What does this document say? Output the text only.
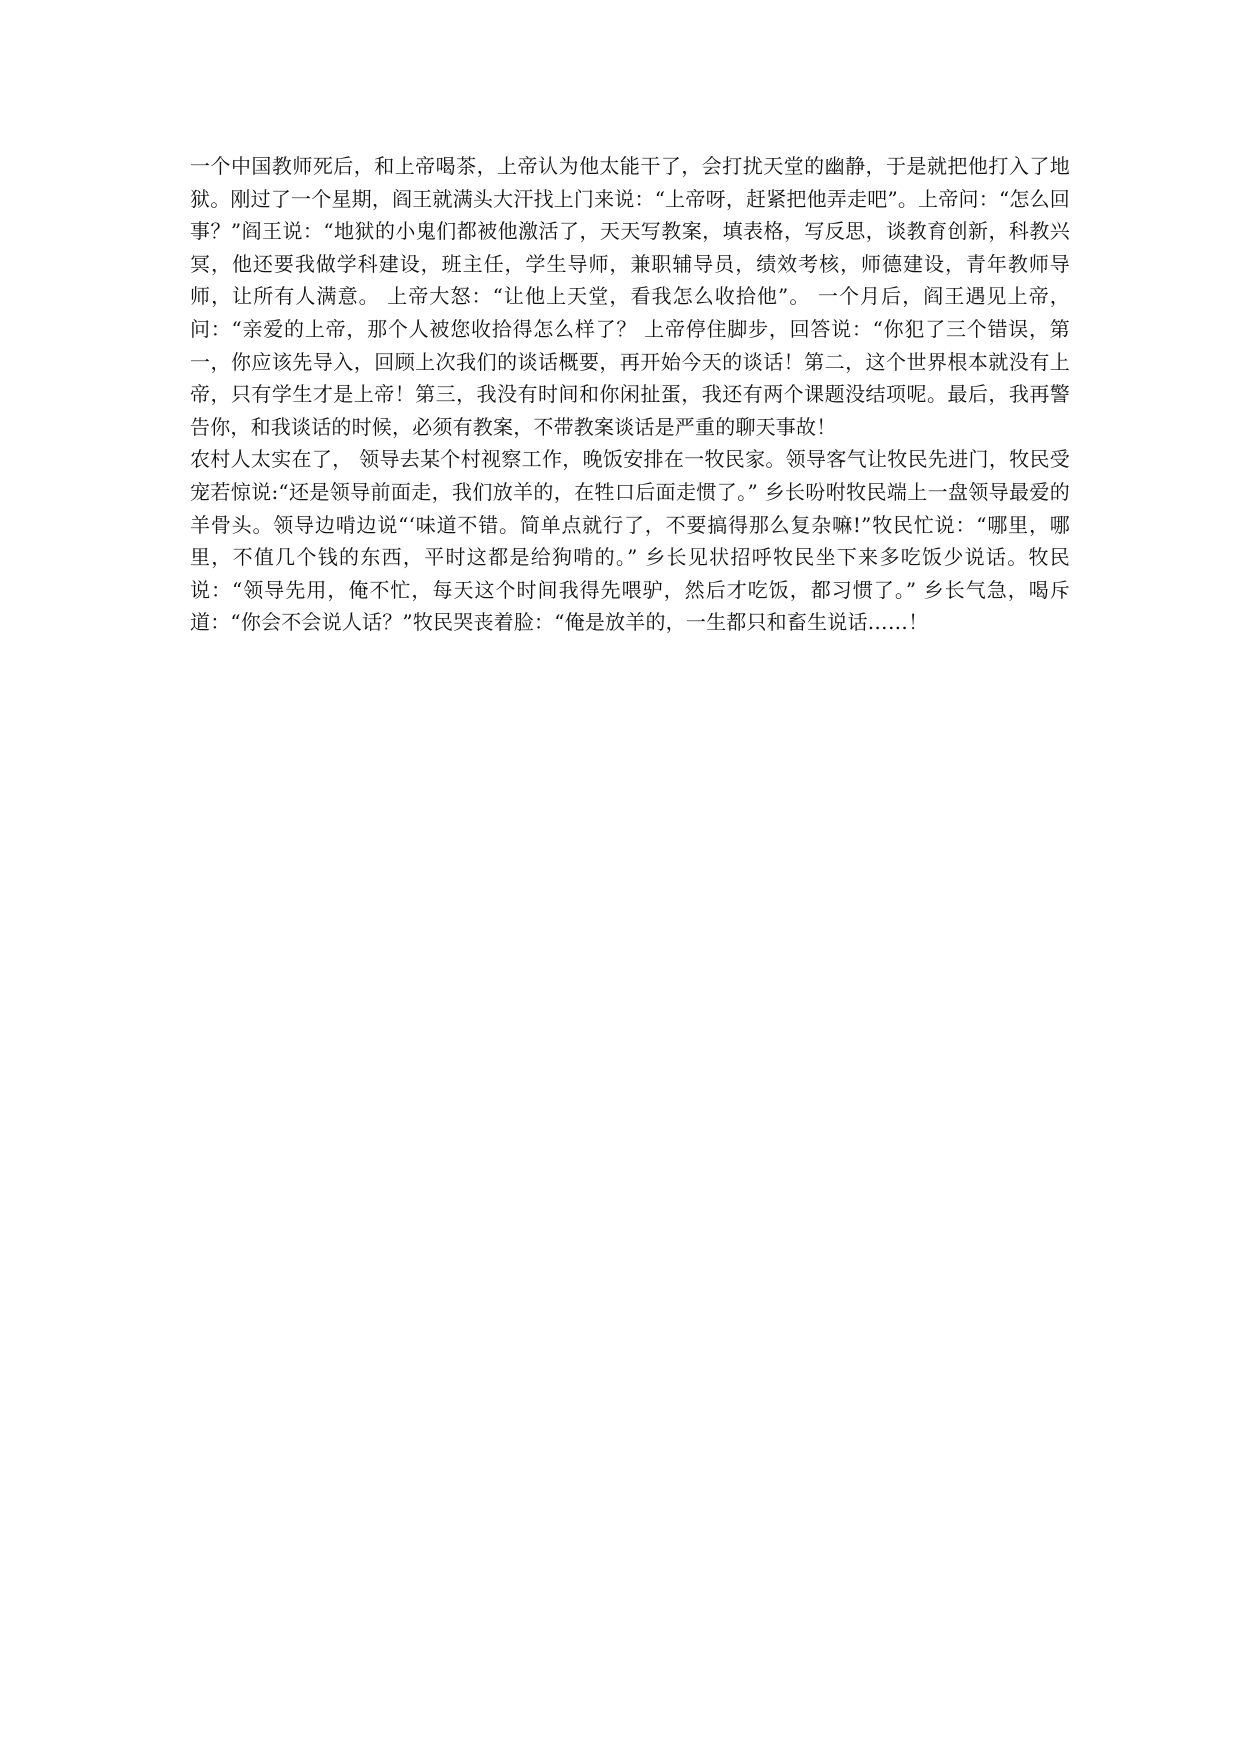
一个中国教师死后，和上帝喝茶，上帝认为他太能干了，会打扰天堂的幽静，于是就把他打入了地狱。刚过了一个星期，阎王就满头大汗找上门来说：“上帝呀，赶紧把他弄走吧”。上帝问：“怎么回事？”阎王说：“地狱的小鬼们都被他激活了，天天写教案，填表格，写反思，谈教育创新，科教兴冥，他还要我做学科建设，班主任，学生导师，兼职辅导员，绩效考核，师德建设，青年教师导师，让所有人满意。 上帝大怒：“让他上天堂，看我怎么收拾他”。 一个月后，阎王遇见上帝，问：“亲爱的上帝，那个人被您收拾得怎么样了？ 上帝停住脚步，回答说：“你犯了三个错误，第一，你应该先导入，回顾上次我们的谈话概要，再开始今天的谈话！第二，这个世界根本就没有上帝，只有学生才是上帝！第三，我没有时间和你闲扯蛋，我还有两个课题没结项呢。最后，我再警告你，和我谈话的时候，必须有教案，不带教案谈话是严重的聊天事故！

农村人太实在了， 领导去某个村视察工作，晚饭安排在一牧民家。领导客气让牧民先进门，牧民受宠若惊说:“还是领导前面走，我们放羊的，在牲口后面走惯了。” 乡长吩咐牧民端上一盘领导最爱的羊骨头。领导边啃边说“‘味道不错。简单点就行了，不要搞得那么复杂嘛!”牧民忙说：“哪里，哪里，不值几个钱的东西，平时这都是给狗啃的。” 乡长见状招呼牧民坐下来多吃饭少说话。牧民说：“领导先用，俺不忙，每天这个时间我得先喂驴，然后才吃饭，都习惯了。” 乡长气急，喝斥道：“你会不会说人话？”牧民哭丧着脸：“俺是放羊的，一生都只和畜生说话……！
